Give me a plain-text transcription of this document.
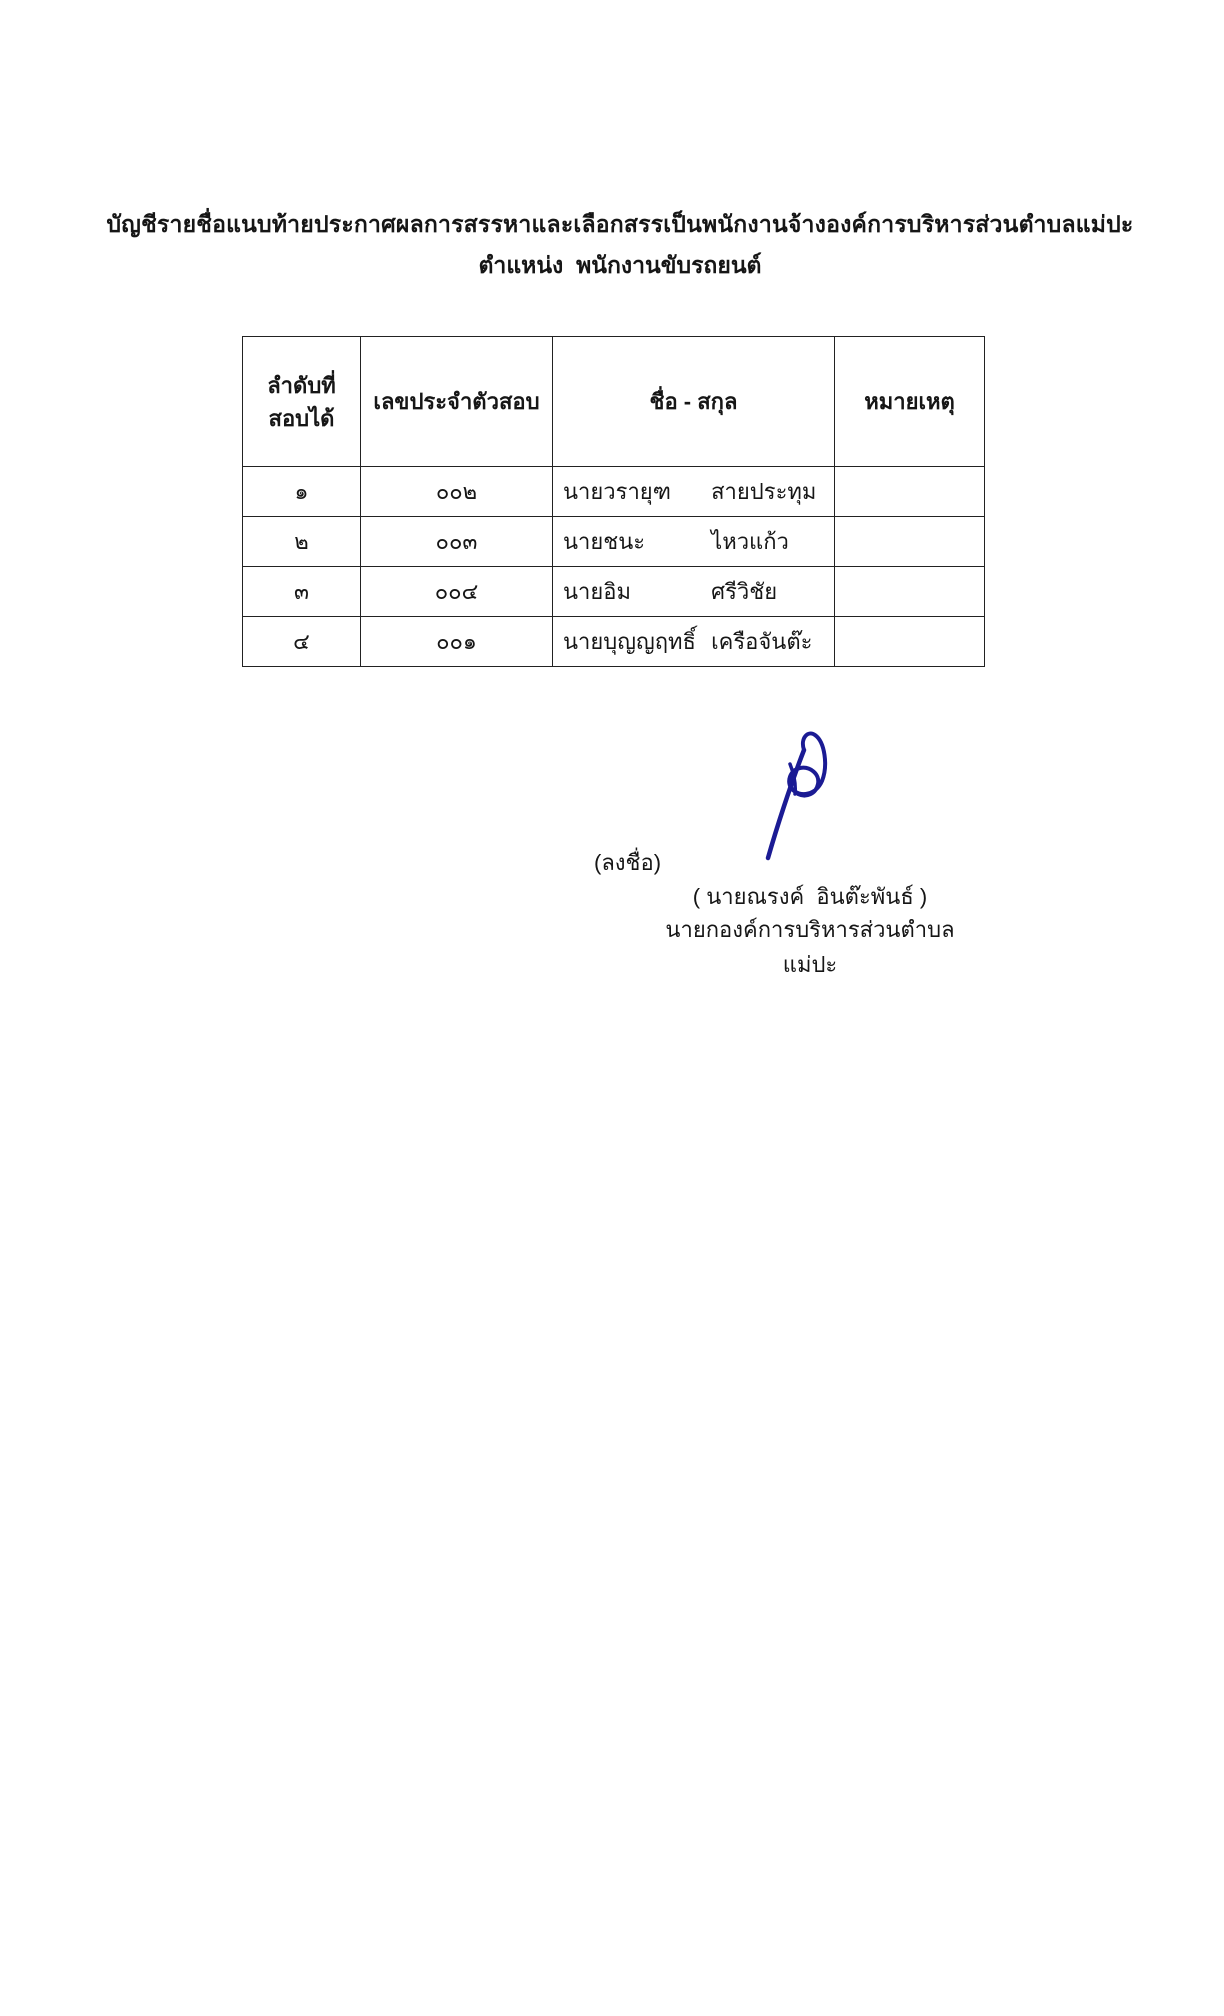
บัญชีรายชื่อแนบท้ายประกาศผลการสรรหาและเลือกสรรเป็นพนักงานจ้างองค์การบริหารส่วนตำบลแม่ปะ
ตำแหน่ง  พนักงานขับรถยนต์
ลำดับที่
สอบได้	เลขประจำตัวสอบ	ชื่อ - สกุล	หมายเหตุ
๑	๐๐๒	นายวรายุฑ สายประทุม	
๒	๐๐๓	นายชนะ ไหวแก้ว	
๓	๐๐๔	นายอิม ศรีวิชัย	
๔	๐๐๑	นายบุญญฤทธิ์ เครือจันต๊ะ	
(ลงชื่อ)
( นายณรงค์  อินต๊ะพันธ์ )
นายกองค์การบริหารส่วนตำบลแม่ปะ
